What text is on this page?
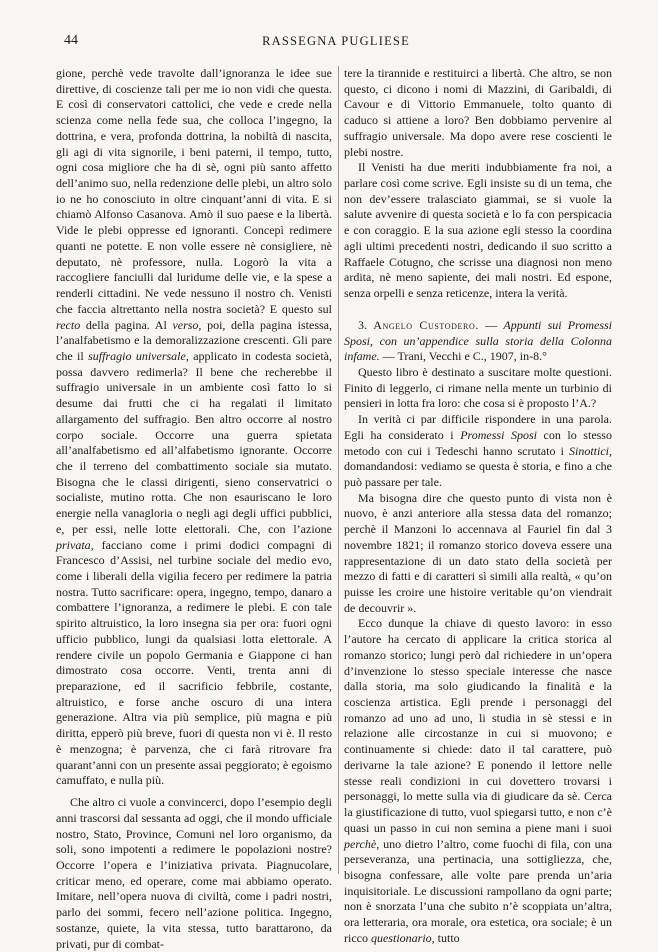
44	RASSEGNA PUGLIESE

gione, perchè vede travolte dall’ignoranza le idee sue direttive, di coscienze tali per me io non vidi che questa. E così di conservatori cattolici, che vede e crede nella scienza come nella fede sua, che colloca l’ingegno, la dottrina, e vera, profonda dottrina, la nobiltà di nascita, gli agi di vita signorile, i beni paterni, il tempo, tutto, ogni cosa migliore che ha di sè, ogni più santo affetto dell’animo suo, nella redenzione delle plebi, un altro solo io ne ho conosciuto in oltre cinquant’anni di vita. E si chiamò Alfonso Casanova. Amò il suo paese e la libertà. Vide le plebi oppresse ed ignoranti. Concepì redimere quanti ne potette. E non volle essere nè consigliere, nè deputato, nè professore, nulla. Logorò la vita a raccogliere fanciulli dal luridume delle vie, e la spese a renderli cittadini. Ne vede nessuno il nostro ch. Venisti che faccia altrettanto nella nostra società? E questo sul recto della pagina. Al verso, poi, della pagina istessa, l’analfabetismo e la demoralizzazione crescenti. Gli pare che il suffragio universale, applicato in codesta società, possa davvero redimerla? Il bene che recherebbe il suffragio universale in un ambiente così fatto lo si desume dai frutti che ci ha regalati il limitato allargamento del suffragio. Ben altro occorre al nostro corpo sociale. Occorre una guerra spietata all’analfabetismo ed all’alfabetismo ignorante. Occorre che il terreno del combattimento sociale sia mutato. Bisogna che le classi dirigenti, sieno conservatrici o socialiste, mutino rotta. Che non esauriscano le loro energie nella vanagloria o negli agi degli uffici pubblici, e, per essi, nelle lotte elettorali. Che, con l’azione privata, facciano come i primi dodici compagni di Francesco d’Assisi, nel turbine sociale del medio evo, come i liberali della vigilia fecero per redimere la patria nostra. Tutto sacrificare: opera, ingegno, tempo, danaro a combattere l’ignoranza, a redimere le plebi. E con tale spirito altruistico, la loro insegna sia per ora: fuori ogni ufficio pubblico, lungi da qualsiasi lotta elettorale. A rendere civile un popolo Germania e Giappone ci han dimostrato cosa occorre. Venti, trenta anni di preparazione, ed il sacrificio febbrile, costante, altruistico, e forse anche oscuro di una intera generazione. Altra via più semplice, più magna e più diritta, epperò più breve, fuori di questa non vi è. Il resto è menzogna; è parvenza, che ci farà ritrovare fra quarant’anni con un presente assai peggiorato; è egoismo camuffato, e nulla più.

Che altro ci vuole a convincerci, dopo l’esempio degli anni trascorsi dal sessanta ad oggi, che il mondo ufficiale nostro, Stato, Province, Comuni nel loro organismo, da soli, sono impotenti a redimere le popolazioni nostre? Occorre l’opera e l’iniziativa privata. Piagnucolare, criticar meno, ed operare, come mai abbiamo operato. Imitare, nell’opera nuova di civiltà, come i padri nostri, parlo dei sommi, fecero nell’azione politica. Ingegno, sostanze, quiete, la vita stessa, tutto barattarono, da privati, pur di combat-

tere la tirannide e restituirci a libertà. Che altro, se non questo, ci dicono i nomi di Mazzini, di Garibaldi, di Cavour e di Vittorio Emmanuele, tolto quanto di caduco si attiene a loro? Ben dobbiamo pervenire al suffragio universale. Ma dopo avere rese coscienti le plebi nostre.

Il Venisti ha due meriti indubbiamente fra noi, a parlare così come scrive. Egli insiste su di un tema, che non dev’essere tralasciato giammai, se si vuole la salute avvenire di questa società e lo fa con perspicacia e con coraggio. E la sua azione egli stesso la coordina agli ultimi precedenti nostri, dedicando il suo scritto a Raffaele Cotugno, che scrisse una diagnosi non meno ardita, nè meno sapiente, dei mali nostri. Ed espone, senza orpelli e senza reticenze, intera la verità.

3. Angelo Custodero. — Appunti sui Promessi Sposi, con un’appendice sulla storia della Colonna infame. — Trani, Vecchi e C., 1907, in-8.°

Questo libro è destinato a suscitare molte questioni. Finito di leggerlo, ci rimane nella mente un turbinio di pensieri in lotta fra loro: che cosa si è proposto l’A.?

In verità ci par difficile rispondere in una parola. Egli ha considerato i Promessi Sposi con lo stesso metodo con cui i Tedeschi hanno scrutato i Sinottici, domandandosi: vediamo se questa è storia, e fino a che può passare per tale.

Ma bisogna dire che questo punto di vista non è nuovo, è anzi anteriore alla stessa data del romanzo; perchè il Manzoni lo accennava al Fauriel fin dal 3 novembre 1821; il romanzo storico doveva essere una rappresentazione di un dato stato della società per mezzo di fatti e di caratteri sì simili alla realtà, « qu’on puisse les croire une histoire veritable qu’on viendrait de decouvrir ».

Ecco dunque la chiave di questo lavoro: in esso l’autore ha cercato di applicare la critica storica al romanzo storico; lungi però dal richiedere in un’opera d’invenzione lo stesso speciale interesse che nasce dalla storia, ma solo giudicando la finalità e la coscienza artistica. Egli prende i personaggi del romanzo ad uno ad uno, li studia in sè stessi e in relazione alle circostanze in cui si muovono; e continuamente si chiede: dato il tal carattere, può derivarne la tale azione? E ponendo il lettore nelle stesse reali condizioni in cui dovettero trovarsi i personaggi, lo mette sulla via di giudicare da sè. Cerca la giustificazione di tutto, vuol spiegarsi tutto, e non c’è quasi un passo in cui non semina a piene mani i suoi perchè, uno dietro l’altro, come fuochi di fila, con una perseveranza, una pertinacia, una sottigliezza, che, bisogna confessare, alle volte pare prenda un’aria inquisitoriale. Le discussioni rampollano da ogni parte; non è snorzata l’una che subito n’è scoppiata un’altra, ora letteraria, ora morale, ora estetica, ora sociale; è un ricco questionario, tutto
